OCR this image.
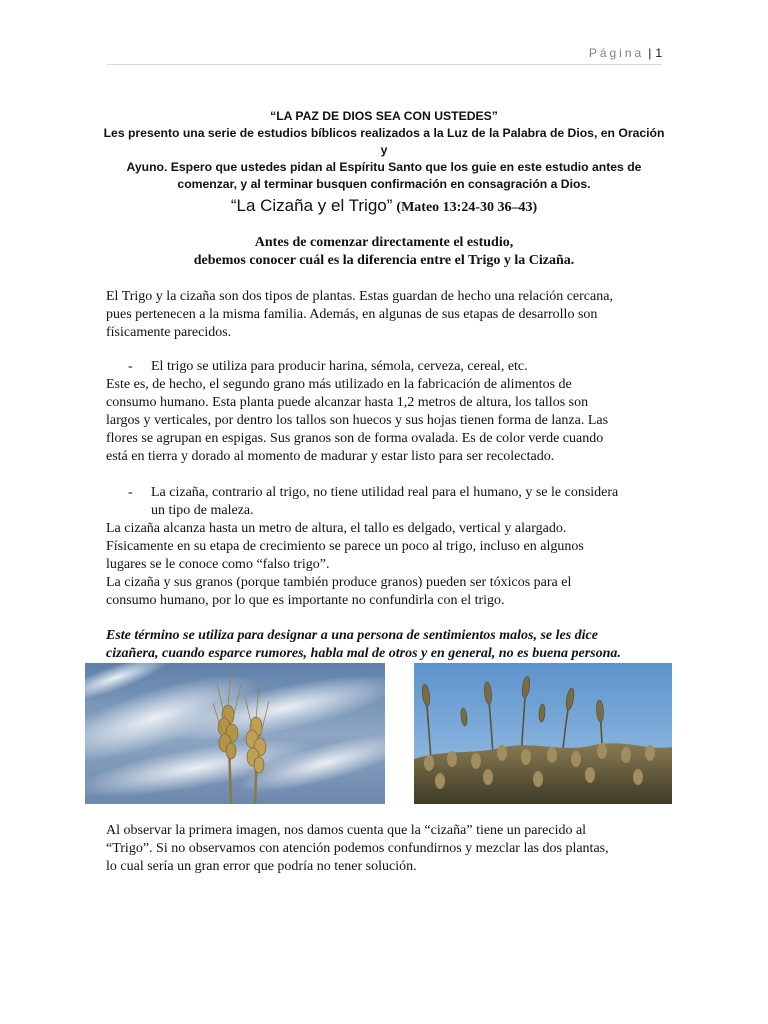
Página | 1

“LA PAZ DE DIOS SEA CON USTEDES”

Les presento una serie de estudios bíblicos realizados a la Luz de la Palabra de Dios, en Oración y

Ayuno. Espero que ustedes pidan al Espíritu Santo que los guie en este estudio antes de

comenzar, y al terminar busquen confirmación en consagración a Dios.

“La Cizaña y el Trigo” (Mateo 13:24-30 36–43)

Antes de comenzar directamente el estudio,

debemos conocer cuál es la diferencia entre el Trigo y la Cizaña.

El Trigo y la cizaña son dos tipos de plantas. Estas guardan de hecho una relación cercana,

pues pertenecen a la misma familia. Además, en algunas de sus etapas de desarrollo son

físicamente parecidos.

-	El trigo se utiliza para producir harina, sémola, cerveza, cereal, etc.

Este es, de hecho, el segundo grano más utilizado en la fabricación de alimentos de

consumo humano. Esta planta puede alcanzar hasta 1,2 metros de altura, los tallos son

largos y verticales, por dentro los tallos son huecos y sus hojas tienen forma de lanza. Las

flores se agrupan en espigas. Sus granos son de forma ovalada. Es de color verde cuando

está en tierra y dorado al momento de madurar y estar listo para ser recolectado.

-	La cizaña, contrario al trigo, no tiene utilidad real para el humano, y se le considera
un tipo de maleza.

La cizaña alcanza hasta un metro de altura, el tallo es delgado, vertical y alargado.

Físicamente en su etapa de crecimiento se parece un poco al trigo, incluso en algunos

lugares se le conoce como “falso trigo”.

La cizaña y sus granos (porque también produce granos) pueden ser tóxicos para el

consumo humano, por lo que es importante no confundirla con el trigo.

Este término se utiliza para designar a una persona de sentimientos malos, se les dice

cizañera, cuando esparce rumores, habla mal de otros y en general, no es buena persona.

Al observar la primera imagen, nos damos cuenta que la “cizaña” tiene un parecido al

“Trigo”. Si no observamos con atención podemos confundirnos y mezclar las dos plantas,

lo cual sería un gran error que podría no tener solución.
